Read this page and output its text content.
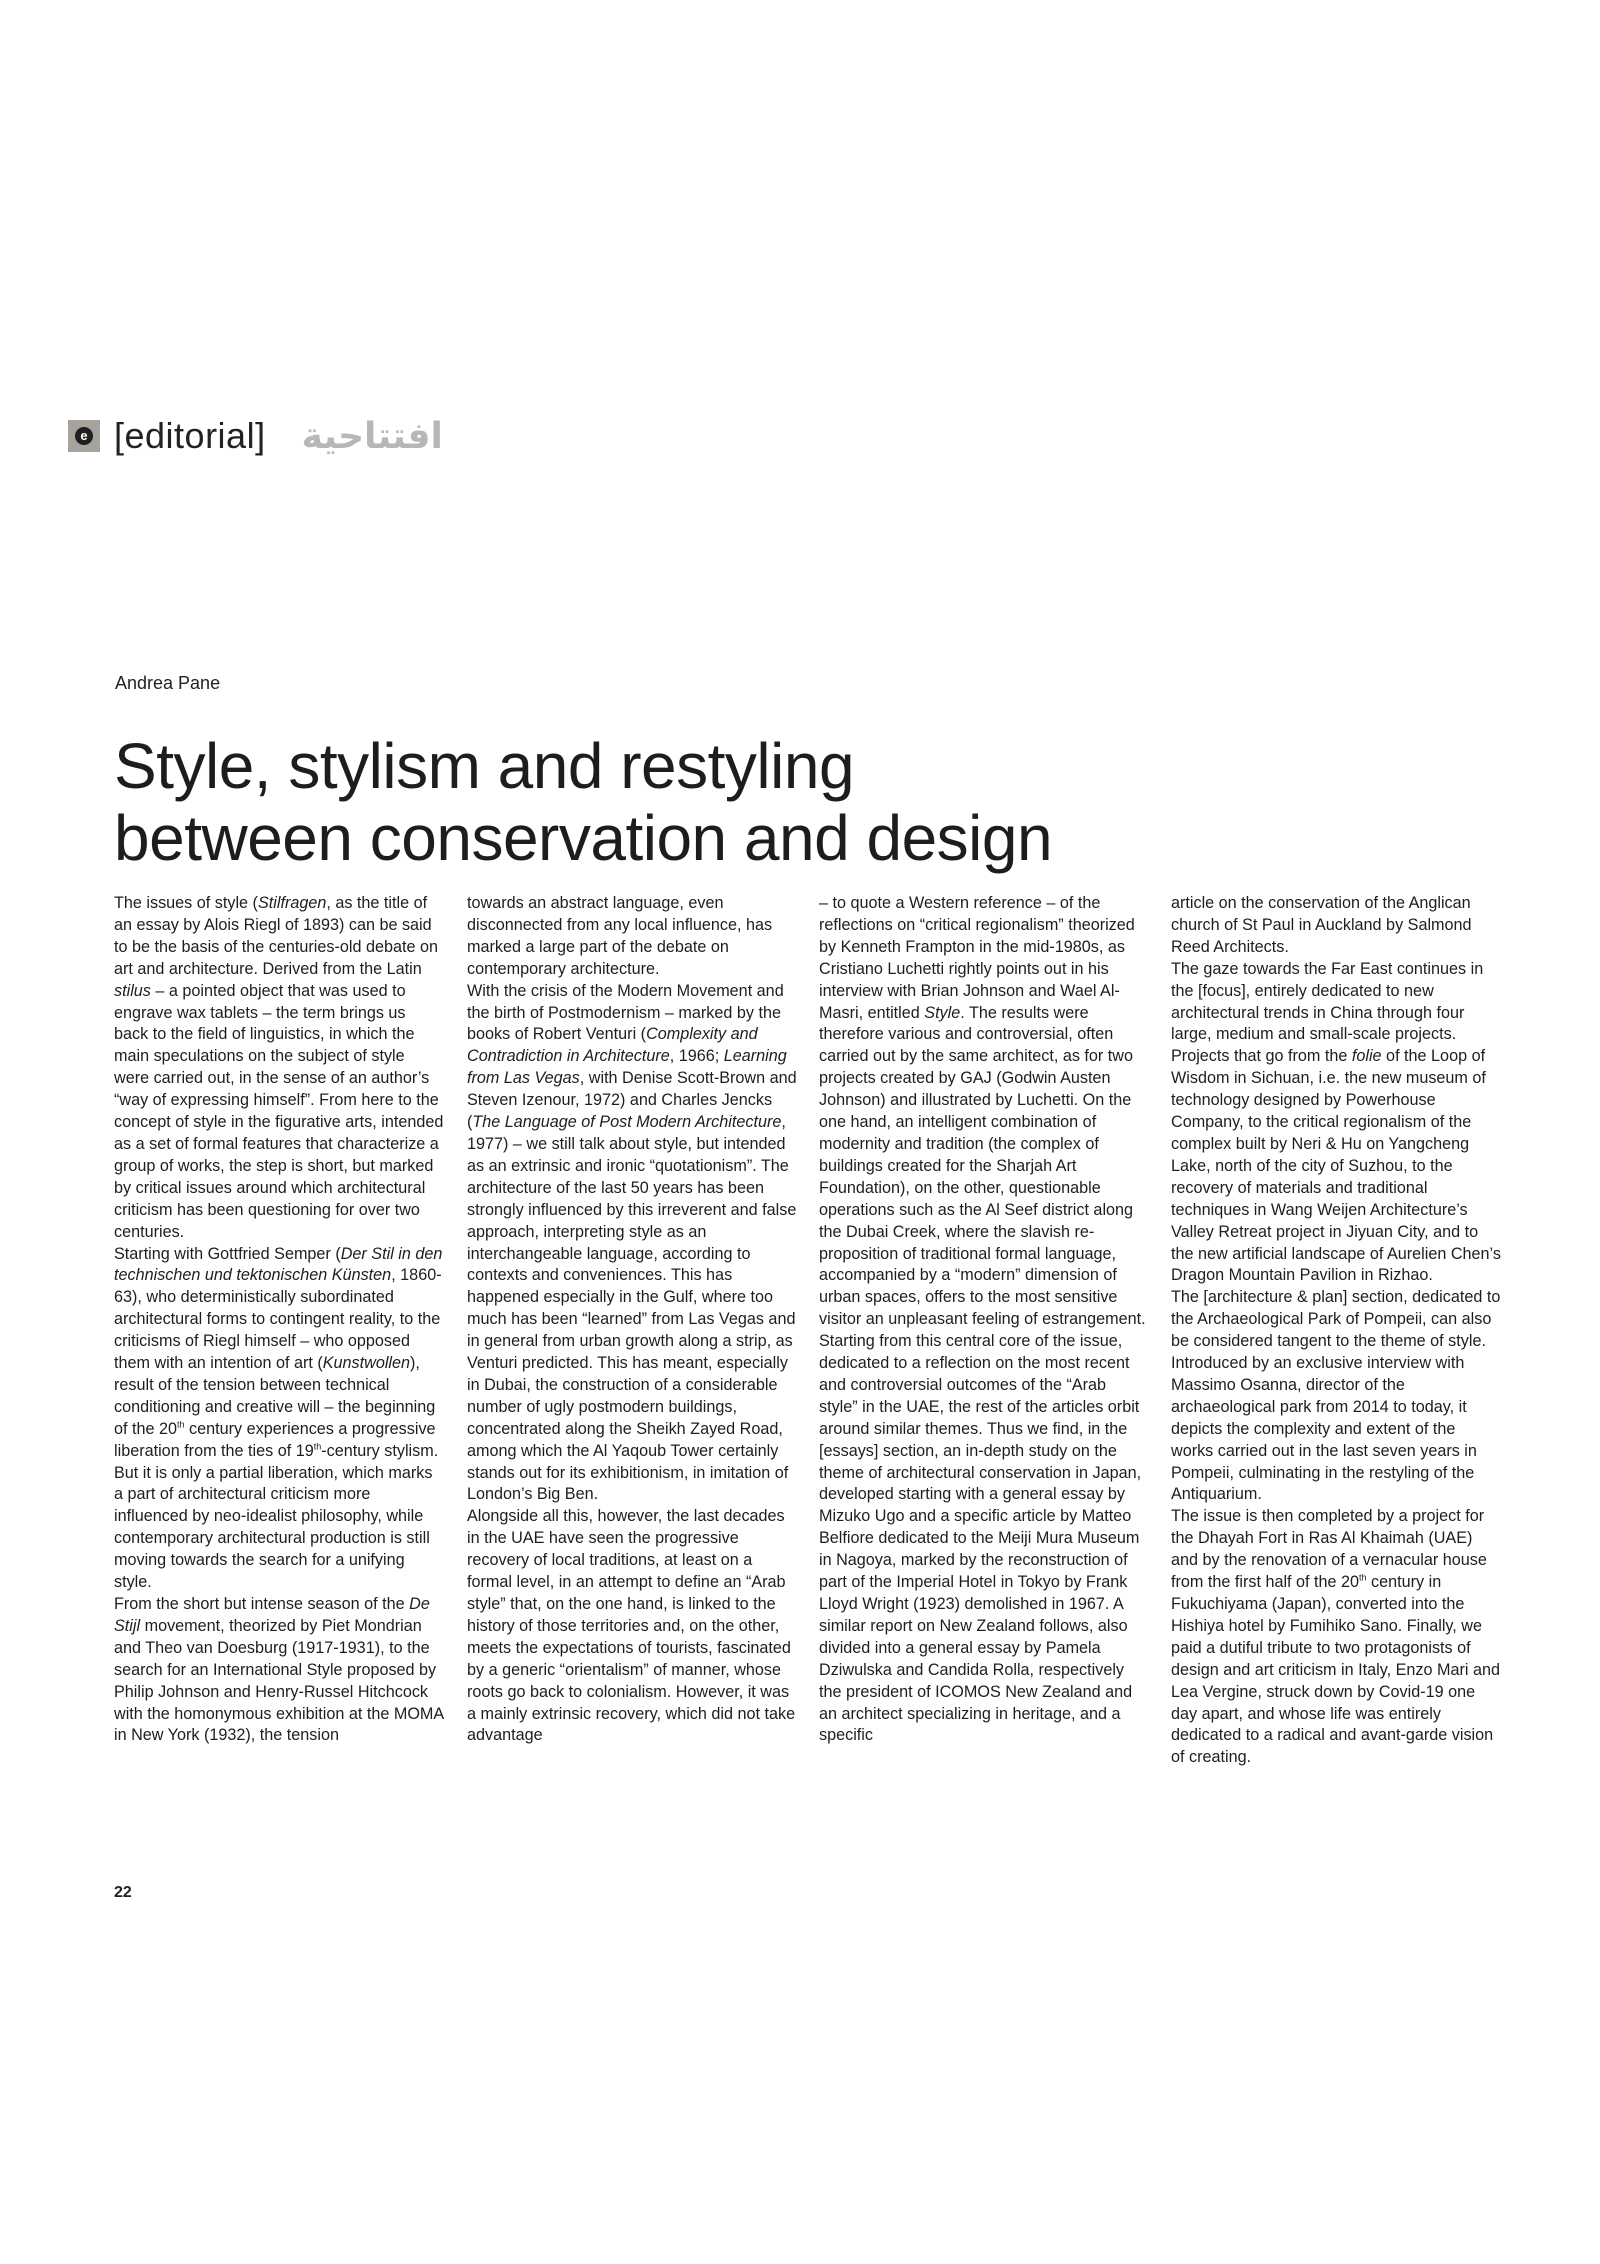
e [editorial] افتتاحية
Andrea Pane
Style, stylism and restyling
between conservation and design

The issues of style (Stilfragen, as the title of an essay by Alois Riegl of 1893) can be said to be the basis of the centuries-old debate on art and architecture. Derived from the Latin stilus – a pointed object that was used to engrave wax tablets – the term brings us back to the field of linguistics, in which the main speculations on the subject of style were carried out, in the sense of an author’s “way of expressing himself”. From here to the concept of style in the figurative arts, intended as a set of formal features that characterize a group of works, the step is short, but marked by critical issues around which architectural criticism has been questioning for over two centuries.

Starting with Gottfried Semper (Der Stil in den technischen und tektonischen Künsten, 1860-63), who deterministically subordinated architectural forms to contingent reality, to the criticisms of Riegl himself – who opposed them with an intention of art (Kunstwollen), result of the tension between technical conditioning and creative will – the beginning of the 20th century experiences a progressive liberation from the ties of 19th-century stylism. But it is only a partial liberation, which marks a part of architectural criticism more influenced by neo-idealist philosophy, while contemporary architectural production is still moving towards the search for a unifying style.

From the short but intense season of the De Stijl movement, theorized by Piet Mondrian and Theo van Doesburg (1917-1931), to the search for an International Style proposed by Philip Johnson and Henry-Russel Hitchcock with the homonymous exhibition at the MOMA in New York (1932), the tension

towards an abstract language, even disconnected from any local influence, has marked a large part of the debate on contemporary architecture.

With the crisis of the Modern Movement and the birth of Postmodernism – marked by the books of Robert Venturi (Complexity and Contradiction in Architecture, 1966; Learning from Las Vegas, with Denise Scott-Brown and Steven Izenour, 1972) and Charles Jencks (The Language of Post Modern Architecture, 1977) – we still talk about style, but intended as an extrinsic and ironic “quotationism”. The architecture of the last 50 years has been strongly influenced by this irreverent and false approach, interpreting style as an interchangeable language, according to contexts and conveniences. This has happened especially in the Gulf, where too much has been “learned” from Las Vegas and in general from urban growth along a strip, as Venturi predicted. This has meant, especially in Dubai, the construction of a considerable number of ugly postmodern buildings, concentrated along the Sheikh Zayed Road, among which the Al Yaqoub Tower certainly stands out for its exhibitionism, in imitation of London’s Big Ben.

Alongside all this, however, the last decades in the UAE have seen the progressive recovery of local traditions, at least on a formal level, in an attempt to define an “Arab style” that, on the one hand, is linked to the history of those territories and, on the other, meets the expectations of tourists, fascinated by a generic “orientalism” of manner, whose roots go back to colonialism. However, it was a mainly extrinsic recovery, which did not take advantage

– to quote a Western reference – of the reflections on “critical regionalism” theorized by Kenneth Frampton in the mid-1980s, as Cristiano Luchetti rightly points out in his interview with Brian Johnson and Wael Al-Masri, entitled Style. The results were therefore various and controversial, often carried out by the same architect, as for two projects created by GAJ (Godwin Austen Johnson) and illustrated by Luchetti. On the one hand, an intelligent combination of modernity and tradition (the complex of buildings created for the Sharjah Art Foundation), on the other, questionable operations such as the Al Seef district along the Dubai Creek, where the slavish re-proposition of traditional formal language, accompanied by a “modern” dimension of urban spaces, offers to the most sensitive visitor an unpleasant feeling of estrangement.

Starting from this central core of the issue, dedicated to a reflection on the most recent and controversial outcomes of the “Arab style” in the UAE, the rest of the articles orbit around similar themes. Thus we find, in the [essays] section, an in-depth study on the theme of architectural conservation in Japan, developed starting with a general essay by Mizuko Ugo and a specific article by Matteo Belfiore dedicated to the Meiji Mura Museum in Nagoya, marked by the reconstruction of part of the Imperial Hotel in Tokyo by Frank Lloyd Wright (1923) demolished in 1967. A similar report on New Zealand follows, also divided into a general essay by Pamela Dziwulska and Candida Rolla, respectively the president of ICOMOS New Zealand and an architect specializing in heritage, and a specific

article on the conservation of the Anglican church of St Paul in Auckland by Salmond Reed Architects.

The gaze towards the Far East continues in the [focus], entirely dedicated to new architectural trends in China through four large, medium and small-scale projects. Projects that go from the folie of the Loop of Wisdom in Sichuan, i.e. the new museum of technology designed by Powerhouse Company, to the critical regionalism of the complex built by Neri & Hu on Yangcheng Lake, north of the city of Suzhou, to the recovery of materials and traditional techniques in Wang Weijen Architecture’s Valley Retreat project in Jiyuan City, and to the new artificial landscape of Aurelien Chen’s Dragon Mountain Pavilion in Rizhao.

The [architecture & plan] section, dedicated to the Archaeological Park of Pompeii, can also be considered tangent to the theme of style. Introduced by an exclusive interview with Massimo Osanna, director of the archaeological park from 2014 to today, it depicts the complexity and extent of the works carried out in the last seven years in Pompeii, culminating in the restyling of the Antiquarium.

The issue is then completed by a project for the Dhayah Fort in Ras Al Khaimah (UAE) and by the renovation of a vernacular house from the first half of the 20th century in Fukuchiyama (Japan), converted into the Hishiya hotel by Fumihiko Sano. Finally, we paid a dutiful tribute to two protagonists of design and art criticism in Italy, Enzo Mari and Lea Vergine, struck down by Covid-19 one day apart, and whose life was entirely dedicated to a radical and avant-garde vision of creating.

22
